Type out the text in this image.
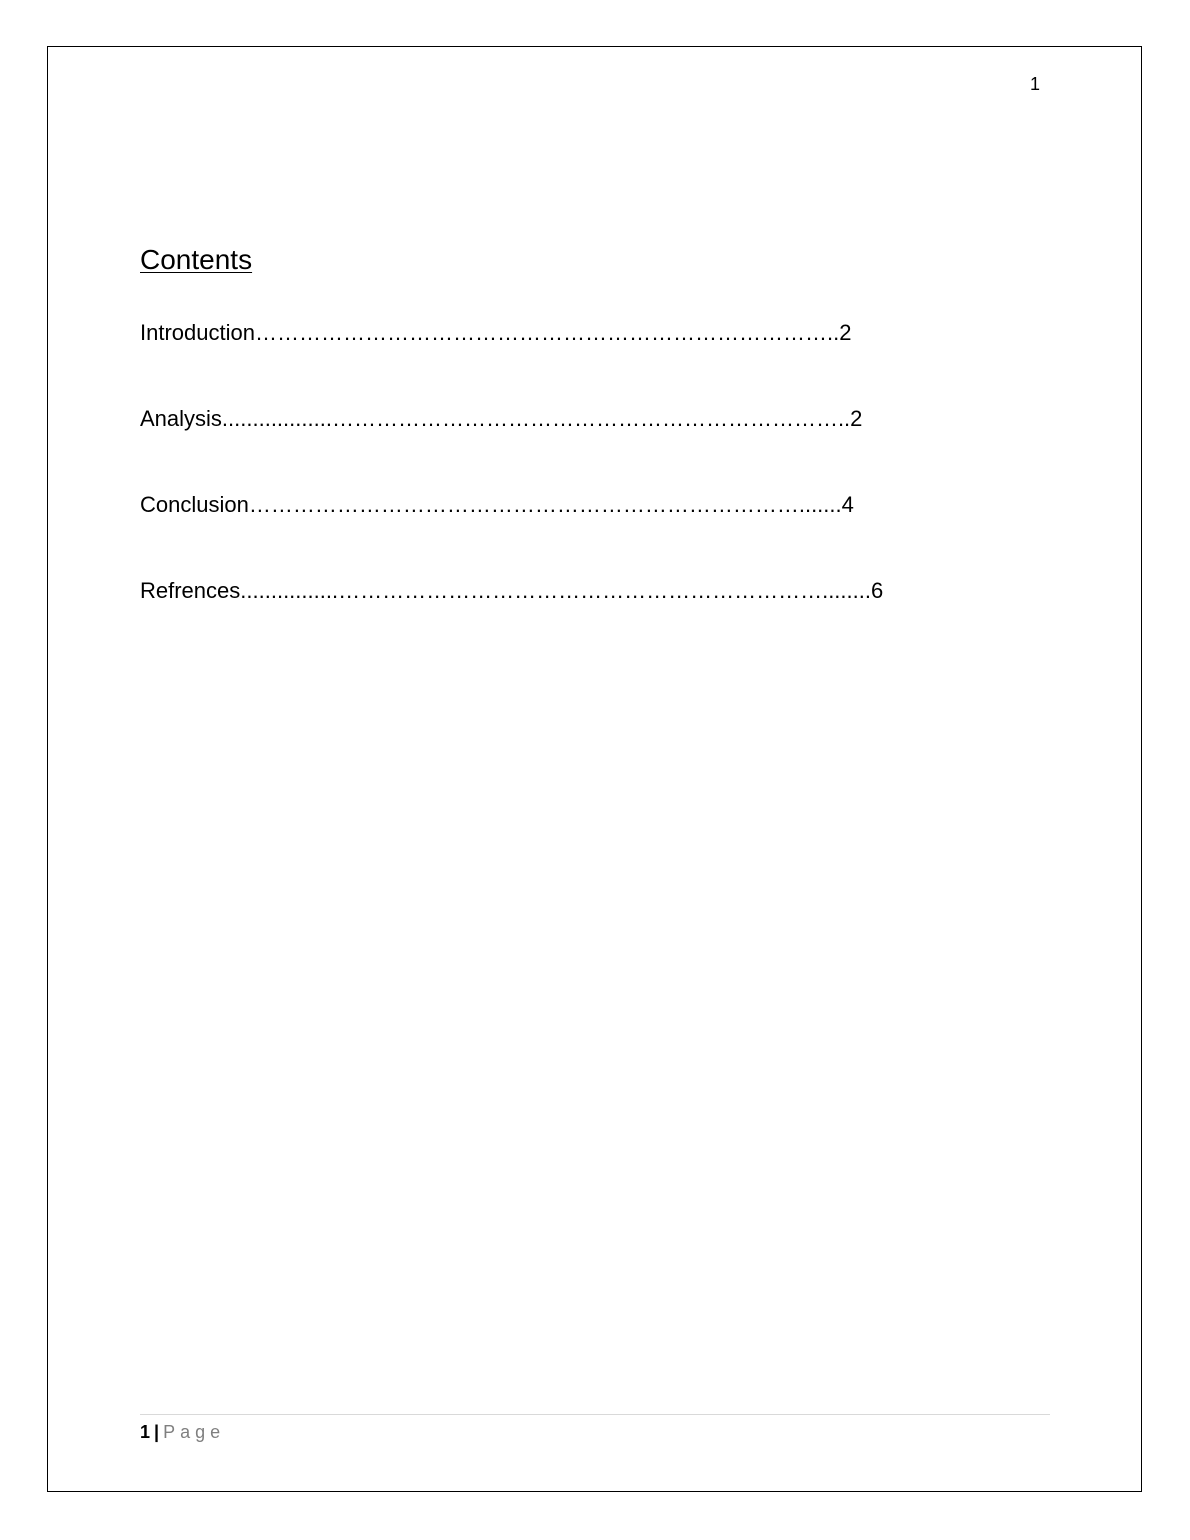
1
Contents
Introduction……………………………………………………………………..2
Analysis..................……………………………………………………………..2
Conclusion………………………………………………………………….......4
Refrences................…………………………………………………………........6
1 | Page
